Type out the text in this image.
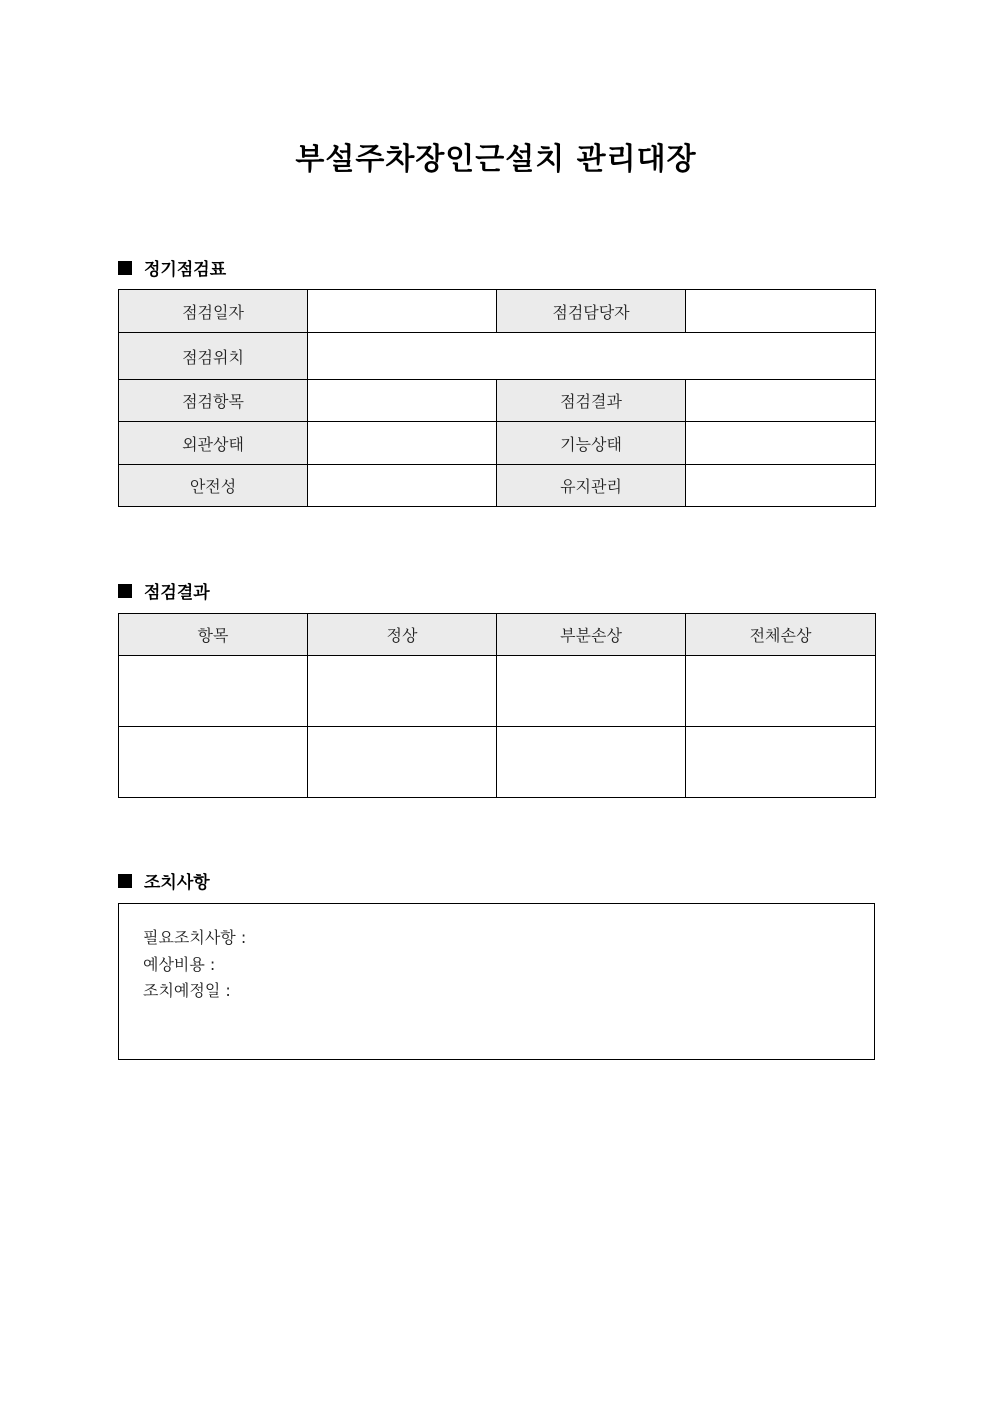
부설주차장인근설치 관리대장
정기점검표
점검일자		점검담당자	
점검위치			
점검항목		점검결과	
외관상태		기능상태	
안전성		유지관리	
점검결과
항목	정상	부분손상	전체손상

조치사항
필요조치사항 :
예상비용 :
조치예정일 :
